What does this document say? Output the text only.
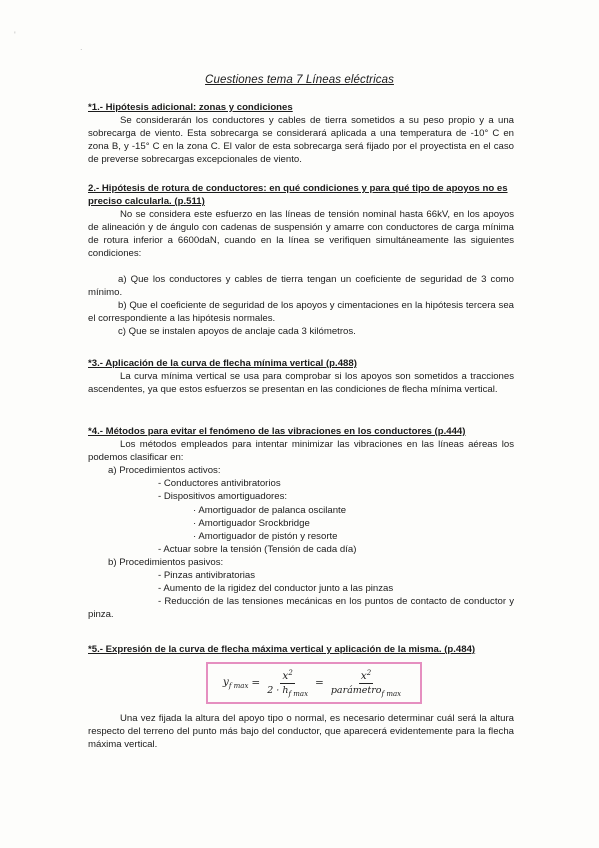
'
.
Cuestiones tema 7 Líneas eléctricas
*1.- Hipótesis adicional: zonas y condiciones
Se considerarán los conductores y cables de tierra sometidos a su peso propio y a una sobrecarga de viento. Esta sobrecarga se considerará aplicada a una temperatura de -10° C en zona B, y -15° C en la zona C. El valor de esta sobrecarga será fijado por el proyectista en el caso de preverse sobrecargas excepcionales de viento.
2.- Hipótesis de rotura de conductores: en qué condiciones y para qué tipo de apoyos no es preciso calcularla. (p.511)
No se considera este esfuerzo en las líneas de tensión nominal hasta 66kV, en los apoyos de alineación y de ángulo con cadenas de suspensión y amarre con conductores de carga mínima de rotura inferior a 6600daN, cuando en la línea se verifiquen simultáneamente las siguientes condiciones:
a) Que los conductores y cables de tierra tengan un coeficiente de seguridad de 3 como mínimo.
b) Que el coeficiente de seguridad de los apoyos y cimentaciones en la hipótesis tercera sea el correspondiente a las hipótesis normales.
c) Que se instalen apoyos de anclaje cada 3 kilómetros.
*3.- Aplicación de la curva de flecha mínima vertical (p.488)
La curva mínima vertical se usa para comprobar si los apoyos son sometidos a tracciones ascendentes, ya que estos esfuerzos se presentan en las condiciones de flecha mínima vertical.
*4.- Métodos para evitar el fenómeno de las vibraciones en los conductores (p.444)
Los métodos empleados para intentar minimizar las vibraciones en las líneas aéreas los podemos clasificar en:
a) Procedimientos activos:
- Conductores antivibratorios
- Dispositivos amortiguadores:
· Amortiguador de palanca oscilante
· Amortiguador Srockbridge
· Amortiguador de pistón y resorte
- Actuar sobre la tensión (Tensión de cada día)
b) Procedimientos pasivos:
- Pinzas antivibratorias
- Aumento de la rigidez del conductor junto a las pinzas
- Reducción de las tensiones mecánicas en los puntos de contacto de conductor y pinza.
*5.- Expresión de la curva de flecha máxima vertical y aplicación de la misma. (p.484)
$y_{f max} = \frac{x^2}{2 \cdot h_{f max}} = \frac{x^2}{parámetro_{f max}}$
Una vez fijada la altura del apoyo tipo o normal, es necesario determinar cuál será la altura respecto del terreno del punto más bajo del conductor, que aparecerá evidentemente para la flecha máxima vertical.
